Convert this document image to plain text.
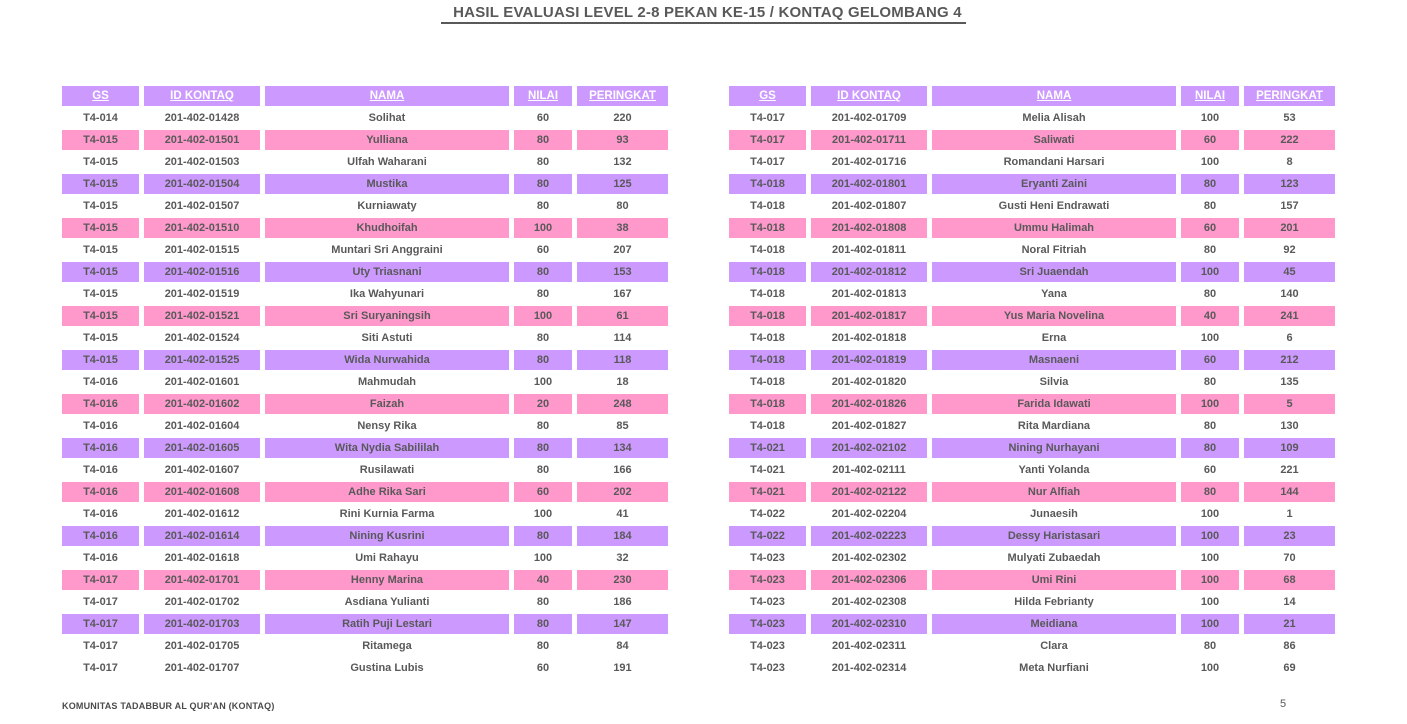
HASIL EVALUASI LEVEL 2-8 PEKAN KE-15 / KONTAQ GELOMBANG 4
GS	ID KONTAQ	NAMA	NILAI	PERINGKAT
T4-014	201-402-01428	Solihat	60	220
T4-015	201-402-01501	Yulliana	80	93
T4-015	201-402-01503	Ulfah Waharani	80	132
T4-015	201-402-01504	Mustika	80	125
T4-015	201-402-01507	Kurniawaty	80	80
T4-015	201-402-01510	Khudhoifah	100	38
T4-015	201-402-01515	Muntari Sri Anggraini	60	207
T4-015	201-402-01516	Uty Triasnani	80	153
T4-015	201-402-01519	Ika Wahyunari	80	167
T4-015	201-402-01521	Sri Suryaningsih	100	61
T4-015	201-402-01524	Siti Astuti	80	114
T4-015	201-402-01525	Wida Nurwahida	80	118
T4-016	201-402-01601	Mahmudah	100	18
T4-016	201-402-01602	Faizah	20	248
T4-016	201-402-01604	Nensy Rika	80	85
T4-016	201-402-01605	Wita Nydia Sabililah	80	134
T4-016	201-402-01607	Rusilawati	80	166
T4-016	201-402-01608	Adhe Rika Sari	60	202
T4-016	201-402-01612	Rini Kurnia Farma	100	41
T4-016	201-402-01614	Nining Kusrini	80	184
T4-016	201-402-01618	Umi Rahayu	100	32
T4-017	201-402-01701	Henny Marina	40	230
T4-017	201-402-01702	Asdiana Yulianti	80	186
T4-017	201-402-01703	Ratih Puji Lestari	80	147
T4-017	201-402-01705	Ritamega	80	84
T4-017	201-402-01707	Gustina Lubis	60	191
GS	ID KONTAQ	NAMA	NILAI	PERINGKAT
T4-017	201-402-01709	Melia Alisah	100	53
T4-017	201-402-01711	Saliwati	60	222
T4-017	201-402-01716	Romandani Harsari	100	8
T4-018	201-402-01801	Eryanti Zaini	80	123
T4-018	201-402-01807	Gusti Heni Endrawati	80	157
T4-018	201-402-01808	Ummu Halimah	60	201
T4-018	201-402-01811	Noral Fitriah	80	92
T4-018	201-402-01812	Sri Juaendah	100	45
T4-018	201-402-01813	Yana	80	140
T4-018	201-402-01817	Yus Maria Novelina	40	241
T4-018	201-402-01818	Erna	100	6
T4-018	201-402-01819	Masnaeni	60	212
T4-018	201-402-01820	Silvia	80	135
T4-018	201-402-01826	Farida Idawati	100	5
T4-018	201-402-01827	Rita Mardiana	80	130
T4-021	201-402-02102	Nining Nurhayani	80	109
T4-021	201-402-02111	Yanti Yolanda	60	221
T4-021	201-402-02122	Nur Alfiah	80	144
T4-022	201-402-02204	Junaesih	100	1
T4-022	201-402-02223	Dessy Haristasari	100	23
T4-023	201-402-02302	Mulyati Zubaedah	100	70
T4-023	201-402-02306	Umi Rini	100	68
T4-023	201-402-02308	Hilda Febrianty	100	14
T4-023	201-402-02310	Meidiana	100	21
T4-023	201-402-02311	Clara	80	86
T4-023	201-402-02314	Meta Nurfiani	100	69
KOMUNITAS TADABBUR AL QUR'AN (KONTAQ)	5
